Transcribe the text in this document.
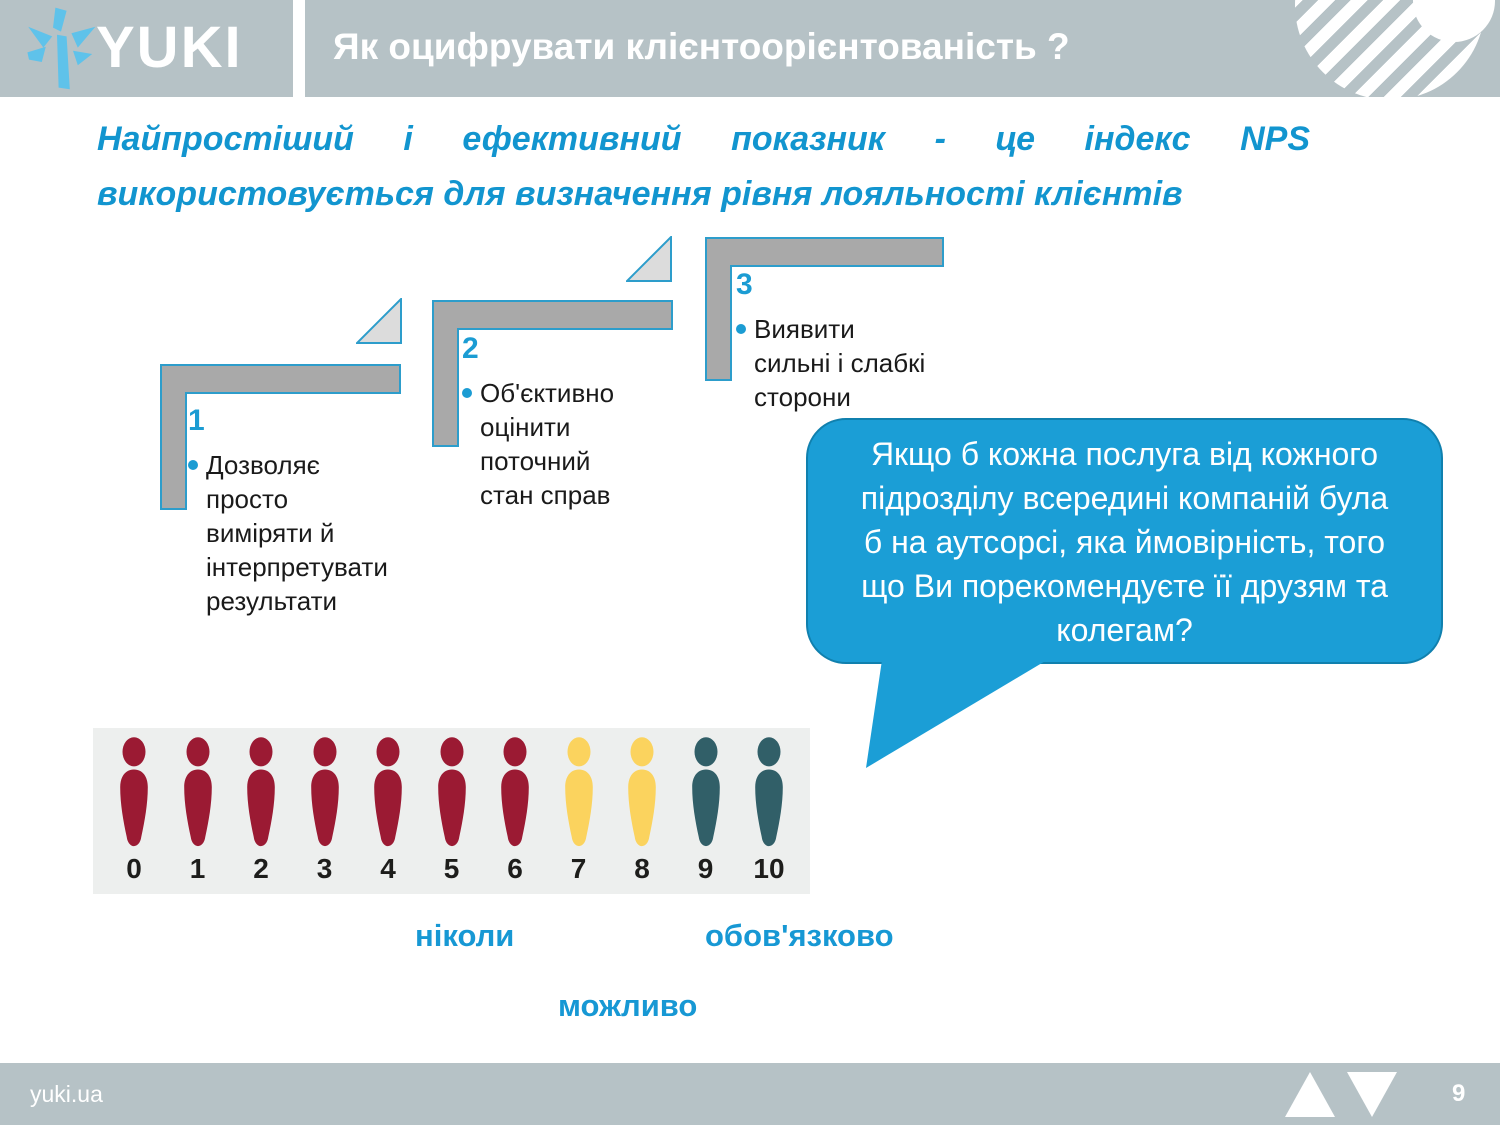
YUKI Як оцифрувати клієнтоорієнтованість ?
Найпростіший і ефективний показник - це індекс NPS
використовується для визначення рівня лояльності клієнтів
1
Дозволяє
просто
виміряти й
інтерпретувати
результати
2
Об'єктивно
оцінити
поточний
стан справ
3
Виявити
сильні і слабкі
сторони
Якщо б кожна послуга від кожного
підрозділу всередині компаній була
б на аутсорсі, яка ймовірність, того
що Ви порекомендуєте її друзям та
колегам?
0 1 2 3 4 5 6 7 8 9 10
ніколи
можливо
обов'язково
yuki.ua	9
